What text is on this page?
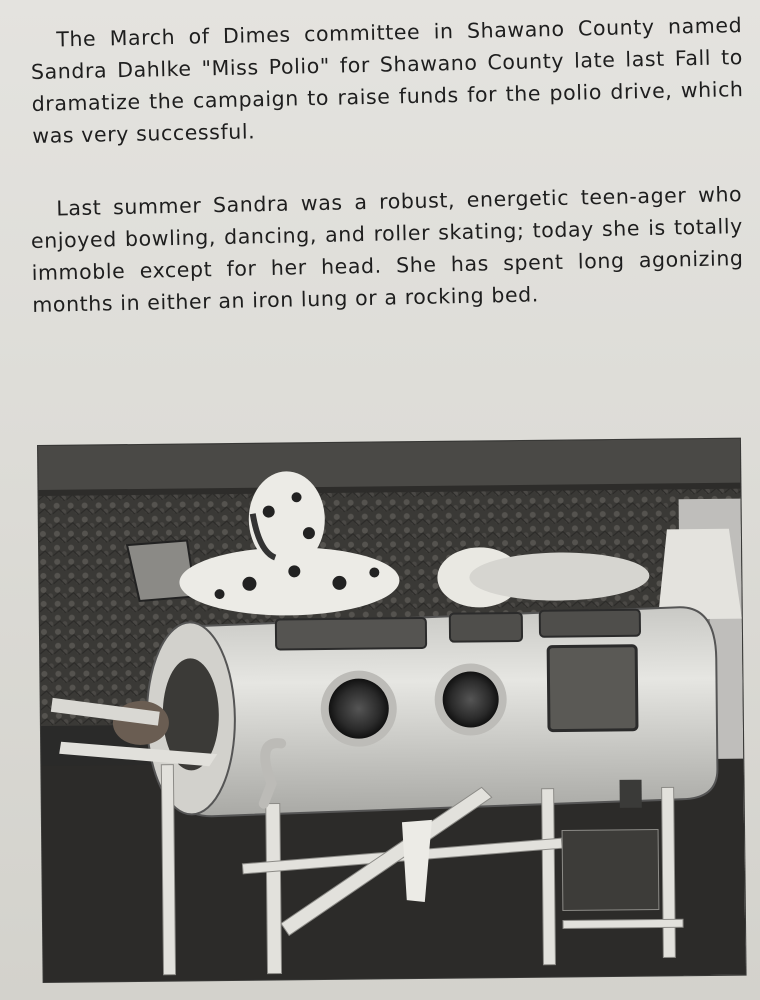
The March of Dimes committee in Shawano County named Sandra Dahlke "Miss Polio" for Shawano County late last Fall to dramatize the campaign to raise funds for the polio drive, which was very successful.
Last summer Sandra was a robust, energetic teen-ager who enjoyed bowling, dancing, and roller skating; today she is totally immoble except for her head. She has spent long agonizing months in either an iron lung or a rocking bed.
